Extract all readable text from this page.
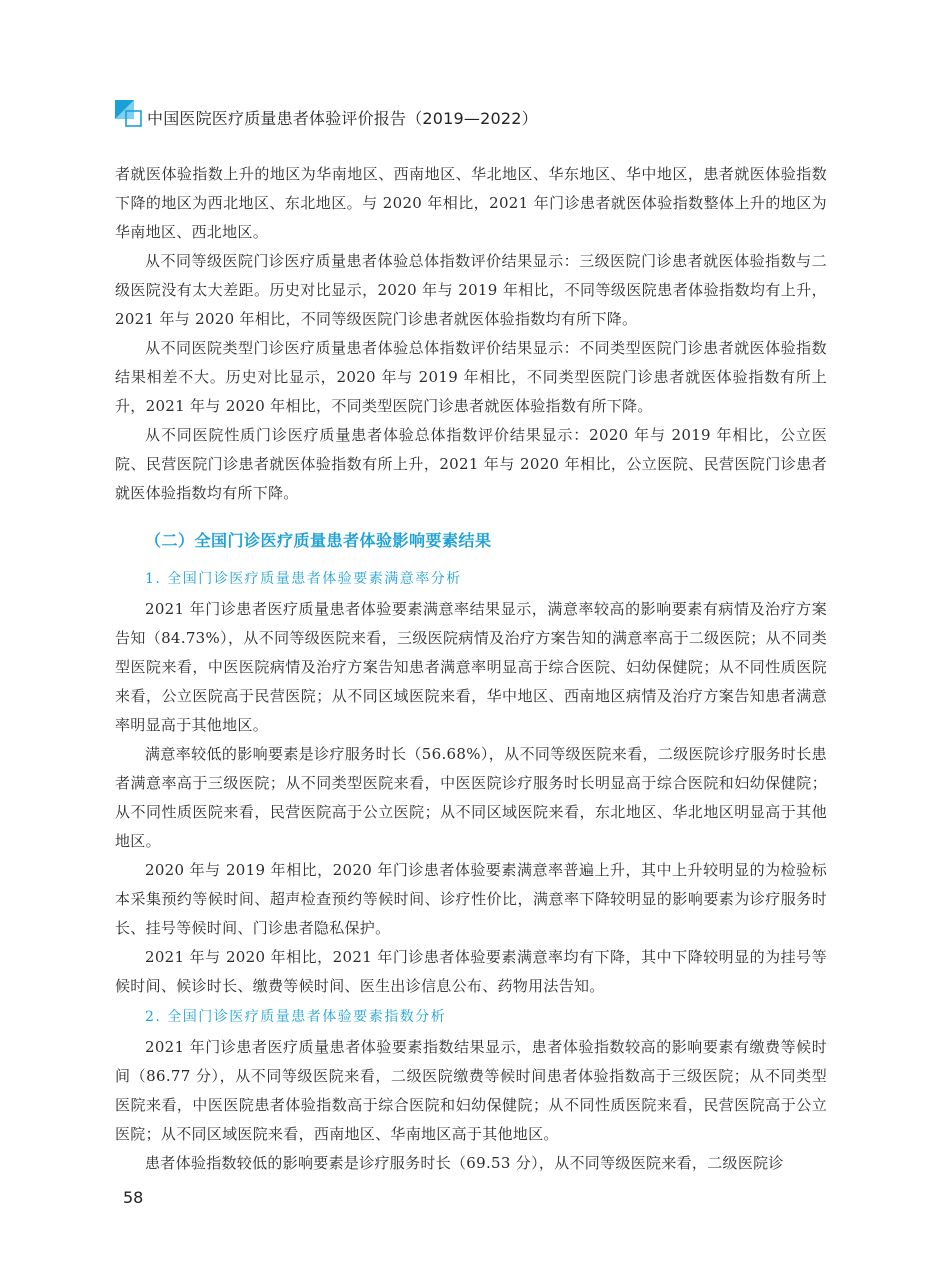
中国医院医疗质量患者体验评价报告（2019—2022）

者就医体验指数上升的地区为华南地区、西南地区、华北地区、华东地区、华中地区，患者就医体验指数下降的地区为西北地区、东北地区。与 2020 年相比，2021 年门诊患者就医体验指数整体上升的地区为华南地区、西北地区。

从不同等级医院门诊医疗质量患者体验总体指数评价结果显示：三级医院门诊患者就医体验指数与二级医院没有太大差距。历史对比显示，2020 年与 2019 年相比，不同等级医院患者体验指数均有上升，2021 年与 2020 年相比，不同等级医院门诊患者就医体验指数均有所下降。

从不同医院类型门诊医疗质量患者体验总体指数评价结果显示：不同类型医院门诊患者就医体验指数结果相差不大。历史对比显示，2020 年与 2019 年相比，不同类型医院门诊患者就医体验指数有所上升，2021 年与 2020 年相比，不同类型医院门诊患者就医体验指数有所下降。

从不同医院性质门诊医疗质量患者体验总体指数评价结果显示：2020 年与 2019 年相比，公立医院、民营医院门诊患者就医体验指数有所上升，2021 年与 2020 年相比，公立医院、民营医院门诊患者就医体验指数均有所下降。

（二）全国门诊医疗质量患者体验影响要素结果
1. 全国门诊医疗质量患者体验要素满意率分析

2021 年门诊患者医疗质量患者体验要素满意率结果显示，满意率较高的影响要素有病情及治疗方案告知（84.73%），从不同等级医院来看，三级医院病情及治疗方案告知的满意率高于二级医院；从不同类型医院来看，中医医院病情及治疗方案告知患者满意率明显高于综合医院、妇幼保健院；从不同性质医院来看，公立医院高于民营医院；从不同区域医院来看，华中地区、西南地区病情及治疗方案告知患者满意率明显高于其他地区。

满意率较低的影响要素是诊疗服务时长（56.68%），从不同等级医院来看，二级医院诊疗服务时长患者满意率高于三级医院；从不同类型医院来看，中医医院诊疗服务时长明显高于综合医院和妇幼保健院；从不同性质医院来看，民营医院高于公立医院；从不同区域医院来看，东北地区、华北地区明显高于其他地区。

2020 年与 2019 年相比，2020 年门诊患者体验要素满意率普遍上升，其中上升较明显的为检验标本采集预约等候时间、超声检查预约等候时间、诊疗性价比，满意率下降较明显的影响要素为诊疗服务时长、挂号等候时间、门诊患者隐私保护。

2021 年与 2020 年相比，2021 年门诊患者体验要素满意率均有下降，其中下降较明显的为挂号等候时间、候诊时长、缴费等候时间、医生出诊信息公布、药物用法告知。

2. 全国门诊医疗质量患者体验要素指数分析

2021 年门诊患者医疗质量患者体验要素指数结果显示，患者体验指数较高的影响要素有缴费等候时间（86.77 分），从不同等级医院来看，二级医院缴费等候时间患者体验指数高于三级医院；从不同类型医院来看，中医医院患者体验指数高于综合医院和妇幼保健院；从不同性质医院来看，民营医院高于公立医院；从不同区域医院来看，西南地区、华南地区高于其他地区。

患者体验指数较低的影响要素是诊疗服务时长（69.53 分），从不同等级医院来看，二级医院诊

58
